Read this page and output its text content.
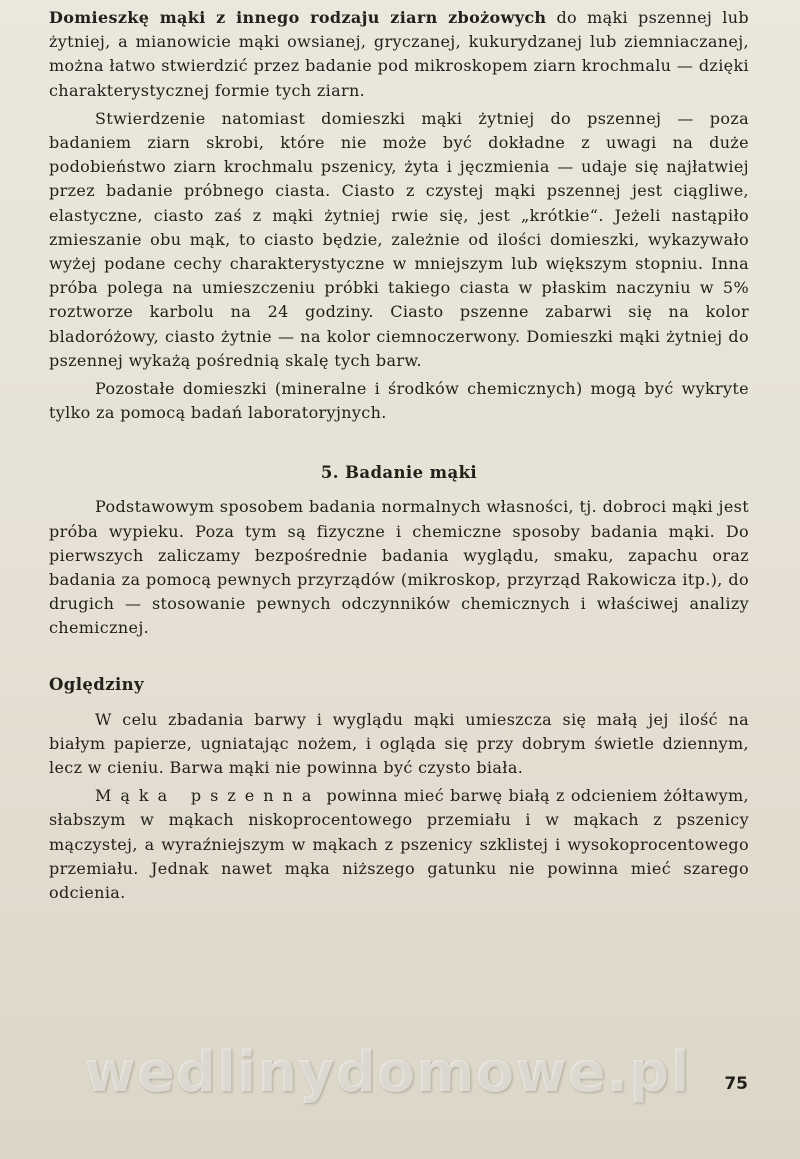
Domieszkę mąki z innego rodzaju ziarn zbożowych do mąki pszennej lub żytniej, a mianowicie mąki owsianej, gryczanej, kukurydzanej lub ziemniaczanej, można łatwo stwierdzić przez badanie pod mikroskopem ziarn krochmalu — dzięki charakterystycznej formie tych ziarn.

Stwierdzenie natomiast domieszki mąki żytniej do pszennej — poza badaniem ziarn skrobi, które nie może być dokładne z uwagi na duże podobieństwo ziarn krochmalu pszenicy, żyta i jęczmienia — udaje się najłatwiej przez badanie próbnego ciasta. Ciasto z czystej mąki pszennej jest ciągliwe, elastyczne, ciasto zaś z mąki żytniej rwie się, jest „krótkie“. Jeżeli nastąpiło zmieszanie obu mąk, to ciasto będzie, zależnie od ilości domieszki, wykazywało wyżej podane cechy charakterystyczne w mniejszym lub większym stopniu. Inna próba polega na umieszczeniu próbki takiego ciasta w płaskim naczyniu w 5% roztworze karbolu na 24 godziny. Ciasto pszenne zabarwi się na kolor bladoróżowy, ciasto żytnie — na kolor ciemnoczerwony. Domieszki mąki żytniej do pszennej wykażą pośrednią skalę tych barw.

Pozostałe domieszki (mineralne i środków chemicznych) mogą być wykryte tylko za pomocą badań laboratoryjnych.

5. Badanie mąki

Podstawowym sposobem badania normalnych własności, tj. dobroci mąki jest próba wypieku. Poza tym są fizyczne i chemiczne sposoby badania mąki. Do pierwszych zaliczamy bezpośrednie badania wyglądu, smaku, zapachu oraz badania za pomocą pewnych przyrządów (mikroskop, przyrząd Rakowicza itp.), do drugich — stosowanie pewnych odczynników chemicznych i właściwej analizy chemicznej.

Oględziny

W celu zbadania barwy i wyglądu mąki umieszcza się małą jej ilość na białym papierze, ugniatając nożem, i ogląda się przy dobrym świetle dziennym, lecz w cieniu. Barwa mąki nie powinna być czysto biała.

Mąka pszenna powinna mieć barwę białą z odcieniem żółtawym, słabszym w mąkach niskoprocentowego przemiału i w mąkach z pszenicy mączystej, a wyraźniejszym w mąkach z pszenicy szklistej i wysokoprocentowego przemiału. Jednak nawet mąka niższego gatunku nie powinna mieć szarego odcienia.

wedlinydomowe.pl 75
